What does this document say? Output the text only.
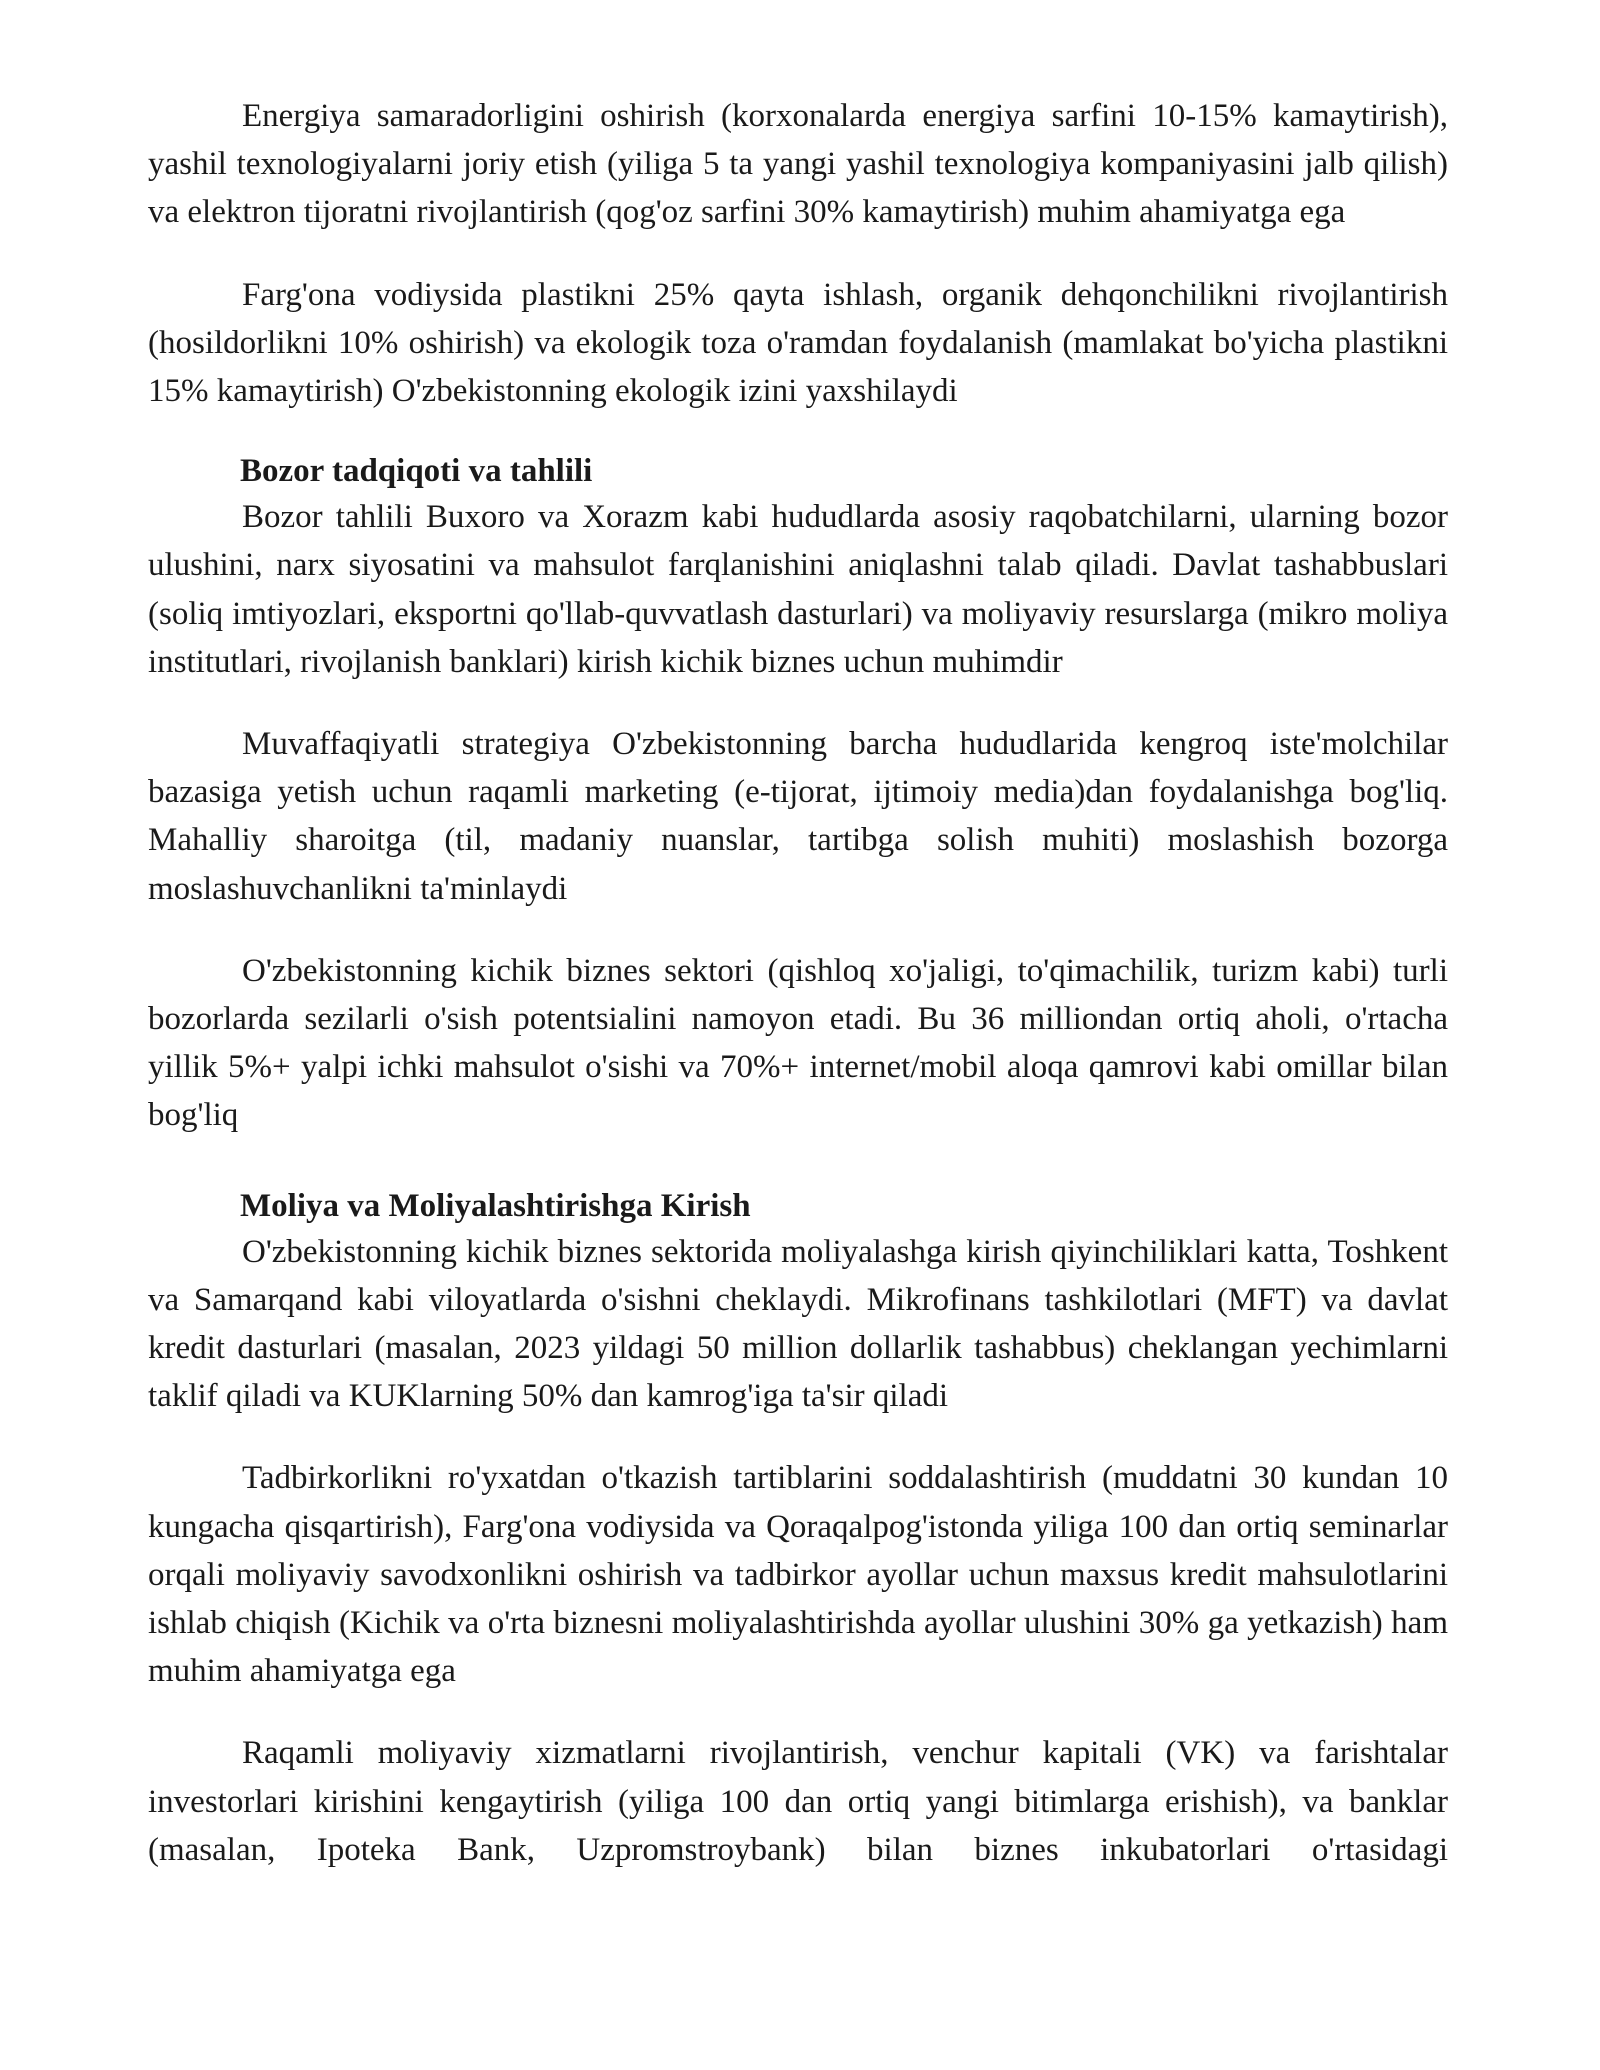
Energiya samaradorligini oshirish (korxonalarda energiya sarfini 10-15% kamaytirish), yashil texnologiyalarni joriy etish (yiliga 5 ta yangi yashil texnologiya kompaniyasini jalb qilish) va elektron tijoratni rivojlantirish (qog'oz sarfini 30% kamaytirish) muhim ahamiyatga ega

Farg'ona vodiysida plastikni 25% qayta ishlash, organik dehqonchilikni rivojlantirish (hosildorlikni 10% oshirish) va ekologik toza o'ramdan foydalanish (mamlakat bo'yicha plastikni 15% kamaytirish) O'zbekistonning ekologik izini yaxshilaydi

Bozor tadqiqoti va tahlili

Bozor tahlili Buxoro va Xorazm kabi hududlarda asosiy raqobatchilarni, ularning bozor ulushini, narx siyosatini va mahsulot farqlanishini aniqlashni talab qiladi. Davlat tashabbuslari (soliq imtiyozlari, eksportni qo'llab-quvvatlash dasturlari) va moliyaviy resurslarga (mikro moliya institutlari, rivojlanish banklari) kirish kichik biznes uchun muhimdir

Muvaffaqiyatli strategiya O'zbekistonning barcha hududlarida kengroq iste'molchilar bazasiga yetish uchun raqamli marketing (e-tijorat, ijtimoiy media)dan foydalanishga bog'liq. Mahalliy sharoitga (til, madaniy nuanslar, tartibga solish muhiti) moslashish bozorga moslashuvchanlikni ta'minlaydi

O'zbekistonning kichik biznes sektori (qishloq xo'jaligi, to'qimachilik, turizm kabi) turli bozorlarda sezilarli o'sish potentsialini namoyon etadi. Bu 36 milliondan ortiq aholi, o'rtacha yillik 5%+ yalpi ichki mahsulot o'sishi va 70%+ internet/mobil aloqa qamrovi kabi omillar bilan bog'liq

Moliya va Moliyalashtirishga Kirish

O'zbekistonning kichik biznes sektorida moliyalashga kirish qiyinchiliklari katta, Toshkent va Samarqand kabi viloyatlarda o'sishni cheklaydi. Mikrofinans tashkilotlari (MFT) va davlat kredit dasturlari (masalan, 2023 yildagi 50 million dollarlik tashabbus) cheklangan yechimlarni taklif qiladi va KUKlarning 50% dan kamrog'iga ta'sir qiladi

Tadbirkorlikni ro'yxatdan o'tkazish tartiblarini soddalashtirish (muddatni 30 kundan 10 kungacha qisqartirish), Farg'ona vodiysida va Qoraqalpog'istonda yiliga 100 dan ortiq seminarlar orqali moliyaviy savodxonlikni oshirish va tadbirkor ayollar uchun maxsus kredit mahsulotlarini ishlab chiqish (Kichik va o'rta biznesni moliyalashtirishda ayollar ulushini 30% ga yetkazish) ham muhim ahamiyatga ega

Raqamli moliyaviy xizmatlarni rivojlantirish, venchur kapitali (VK) va farishtalar investorlari kirishini kengaytirish (yiliga 100 dan ortiq yangi bitimlarga erishish), va banklar (masalan, Ipoteka Bank, Uzpromstroybank) bilan biznes inkubatorlari o'rtasidagi
